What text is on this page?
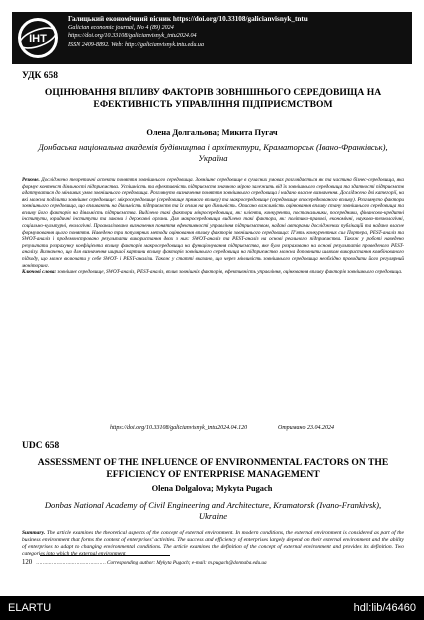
ІНТ
Галицький економічний вісник https://doi.org/10.33108/galicianvisnyk_tntu
Galician economic journal, No 4 (89) 2024
https://doi.org/10.33108/galicianvisnyk_tntu2024.04
ISSN 2409-8892. Web: http://galicianvisnyk.tntu.edu.ua
УДК 658
ОЦІНЮВАННЯ ВПЛИВУ ФАКТОРІВ ЗОВНІШНЬОГО СЕРЕДОВИЩА НА ЕФЕКТИВНІСТЬ УПРАВЛІННЯ ПІДПРИЄМСТВОМ
Олена Долгальова; Микита Пугач
Донбаська національна академія будівництва і архітектури, Краматорськ (Івано-Франківськ), Україна
Резюме. Досліджено теоретичні аспекти поняття зовнішнього середовища. Зовнішнє середовище в сучасних умовах розглядається як та частина бізнес-середовища, яка формує контекст діяльності підприємства. Успішність та ефективність підприємств значною мірою залежить від їх зовнішнього середовища та здатності підприємств адаптуватися до мінливих умов зовнішнього середовища. Розглянуто визначення поняття зовнішнього середовища і надано власне визначення. Досліджено дві категорії, на які можна поділити зовнішнє середовище: мікросередовище (середовище прямого впливу) та макросередовище (середовище опосередкованого впливу). Розглянуто фактори зовнішнього середовища, що впливають на діяльність підприємств та їх оплив на цю діяльність. Описано важливість оцінювання впливу стану зовнішнього середовища та впливу його факторів на діяльність підприємства. Виділено такі фактори мікросередовища, як: клієнти, конкуренти, постачальники, посередники, фінансово-кредитні інститути, юридичні інститути та закони і державні органи. Для макросередовища виділено такі фактори, як: політико-правові, економічні, науково-технологічні, соціально-культурні, екологічні. Проаналізовано визначення поняття ефективності управління підприємством, надані авторами досліджених публікацій та надано власне формулювання цього поняття. Наведено три популярних методи оцінювання впливу факторів зовнішнього середовища: П’ять конкурентних сил Портера, PEST-аналіз та SWOT-аналіз і продемонстровано результати використання двох з них: SWOT-аналіз та PEST-аналіз на основі реального підприємства. Також у роботі наведено результати розрахунку коефіцієнта впливу факторів макросередовища на функціонування підприємства, яке було розраховано на основі результатів проведеного PEST-аналізу. Визначено, що для визначення ширшої картини впливу факторів зовнішнього середовища на підприємство можна доповнити шляхом використання комбінованого підходу, що може включати у себе SWOT- і PEST-аналізи. Також у статті вказано, що через мінливість зовнішнього середовища необхідно проводити його регулярний моніторинг.
Ключові слова: зовнішнє середовище, SWOT-аналіз, PEST-аналіз, вплив зовнішніх факторів, ефективність управління, оцінювання впливу факторів зовнішнього середовища.
https://doi.org/10.33108/galicianvisnyk_tntu2024.04.120	Отримано 23.04.2024
UDC 658
ASSESSMENT OF THE INFLUENCE OF ENVIRONMENTAL FACTORS ON THE EFFICIENCY OF ENTERPRISE MANAGEMENT
Olena Dolgalova; Mykyta Pugach
Donbas National Academy of Civil Engineering and Architecture, Kramatorsk (Ivano-Frankivsk), Ukraine
Summary. The article examines the theoretical aspects of the concept of external environment. In modern conditions, the external environment is considered as part of the business environment that forms the context of enterprises’ activities. The success and efficiency of enterprises largely depend on their external environment and the ability of enterprises to adapt to changing environmental conditions. The article examines the definition of the concept of external environment and provides its definition. Two categories into which the external environment
120 ……………………………………… Corresponding author: Mykyta Pugach; e-mail: m.pugach@donnaba.edu.ua
ELARTU	hdl:lib/46460
